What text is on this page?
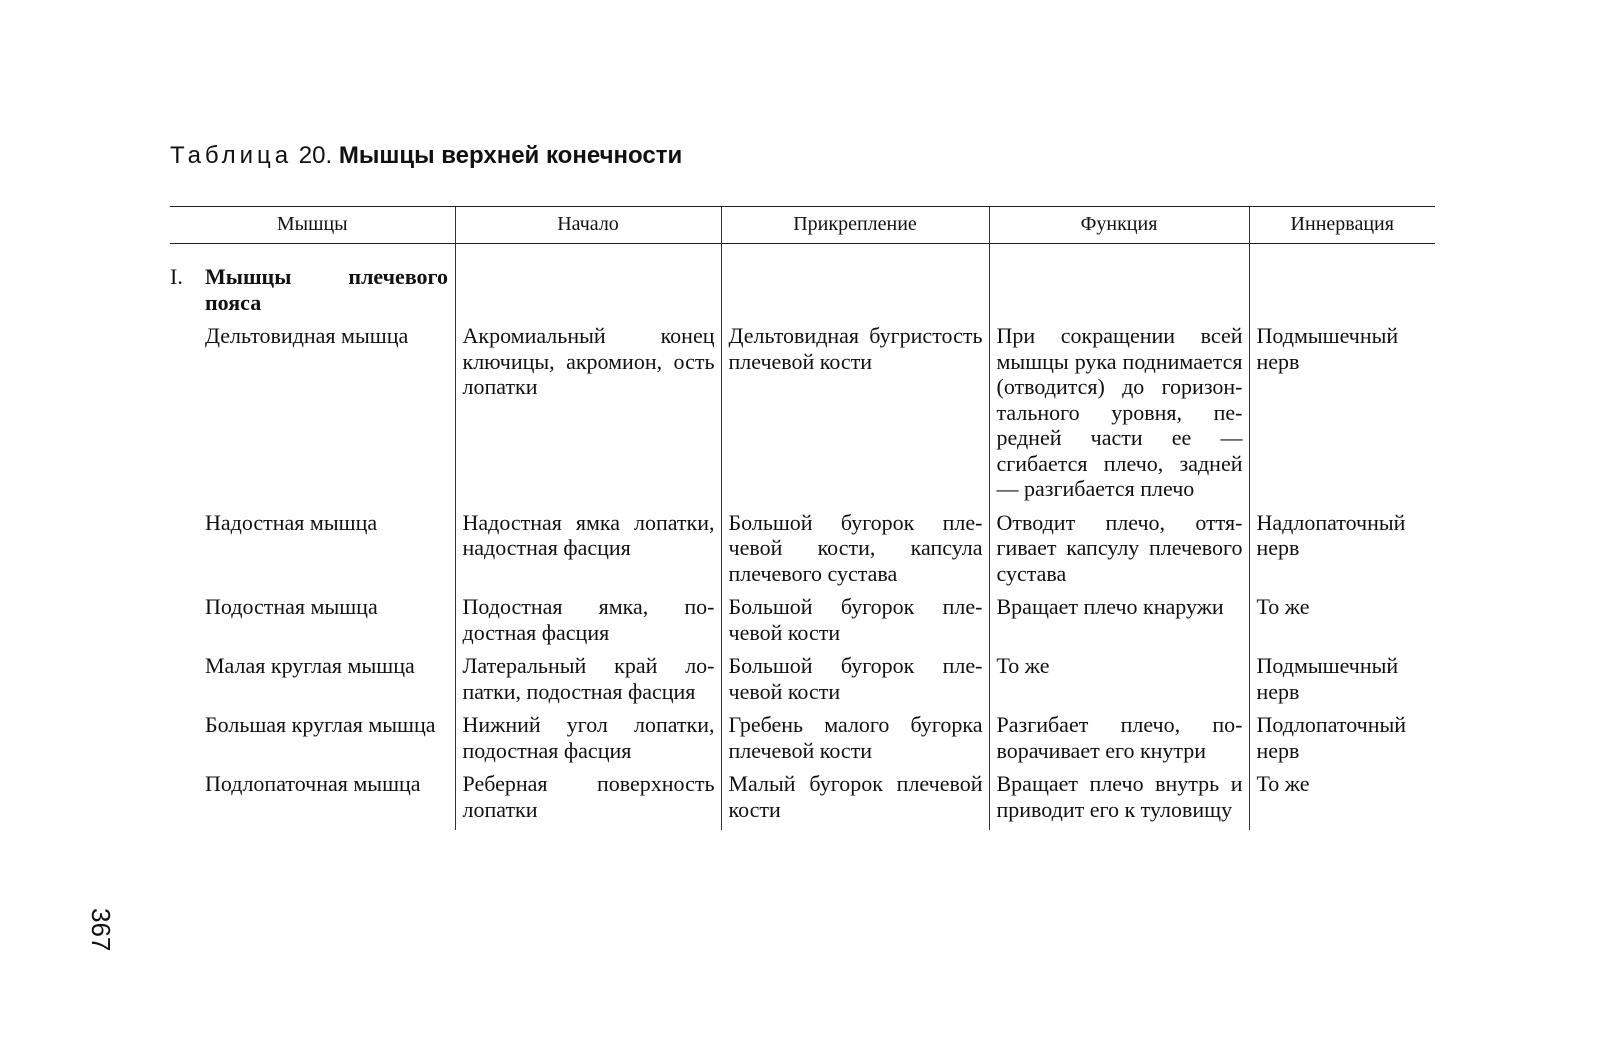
Таблица 20. Мышцы верхней конечности
Мышцы	Начало	Прикрепление	Функция	Иннервация

I. Мышцы плечевого пояса				
Дельтовидная мышца	Акромиальный конец ключицы, акромион, ость лопатки	Дельтовидная бугристость плечевой кости	При сокращении всей мышцы рука поднимается (отводится) до горизонтального уровня, передней части ее — сгибается плечо, задней — разгибается плечо	Подмышечный нерв
Надостная мышца	Надостная ямка лопатки, надостная фасция	Большой бугорок плечевой кости, капсула плечевого сустава	Отводит плечо, оттягивает капсулу плечевого сустава	Надлопаточный нерв
Подостная мышца	Подостная ямка, подостная фасция	Большой бугорок плечевой кости	Вращает плечо кнаружи	То же
Малая круглая мышца	Латеральный край лопатки, подостная фасция	Большой бугорок плечевой кости	То же	Подмышечный нерв
Большая круглая мышца	Нижний угол лопатки, подостная фасция	Гребень малого бугорка плечевой кости	Разгибает плечо, поворачивает его кнутри	Подлопаточный нерв
Подлопаточная мышца	Реберная поверхность лопатки	Малый бугорок плечевой кости	Вращает плечо внутрь и приводит его к туловищу	То же
367
